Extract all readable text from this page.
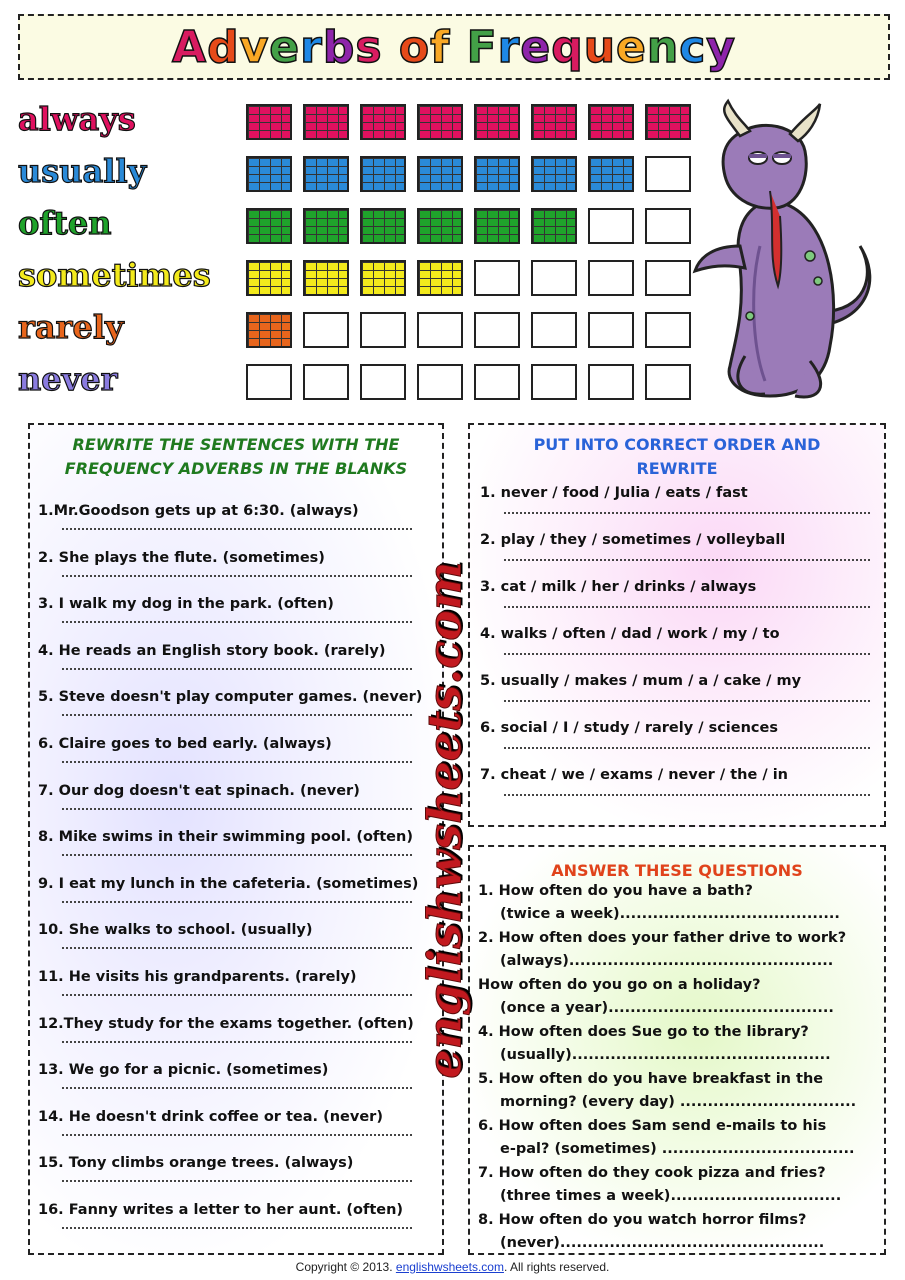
Adverbs of Frequency
always
usually
often
sometimes
rarely
never
REWRITE THE SENTENCES WITH THE
FREQUENCY ADVERBS IN THE BLANKS
1.Mr.Goodson gets up at 6:30. (always)
2. She plays the flute. (sometimes)
3. I walk my dog in the park. (often)
4. He reads an English story book. (rarely)
5. Steve doesn't play computer games. (never)
6. Claire goes to bed early. (always)
7. Our dog doesn't eat spinach. (never)
8. Mike swims in their swimming pool. (often)
9. I eat my lunch in the cafeteria. (sometimes)
10. She walks to school. (usually)
11. He visits his grandparents. (rarely)
12.They study for the exams together. (often)
13. We go for a picnic. (sometimes)
14. He doesn't drink coffee or tea. (never)
15. Tony climbs orange trees. (always)
16. Fanny writes a letter to her aunt. (often)
PUT INTO CORRECT ORDER AND
REWRITE
1. never / food / Julia / eats / fast
2. play / they / sometimes / volleyball
3. cat / milk / her / drinks / always
4. walks / often / dad / work / my / to
5. usually / makes / mum / a / cake / my
6. social / I / study / rarely / sciences
7. cheat / we / exams / never / the / in
ANSWER THESE QUESTIONS
1. How often do you have a bath?
(twice a week)........................................
2. How often does your father drive to work?
(always)................................................
How often do you go on a holiday?
(once a year).........................................
4. How often does Sue go to the library?
(usually)...............................................
5. How often do you have breakfast in the
morning? (every day) ................................
6. How often does Sam send e-mails to his
e-pal? (sometimes) ...................................
7. How often do they cook pizza and fries?
(three times a week)...............................
8. How often do you watch horror films?
(never)................................................
englishwsheets.com
Copyright © 2013. englishwsheets.com. All rights reserved.
